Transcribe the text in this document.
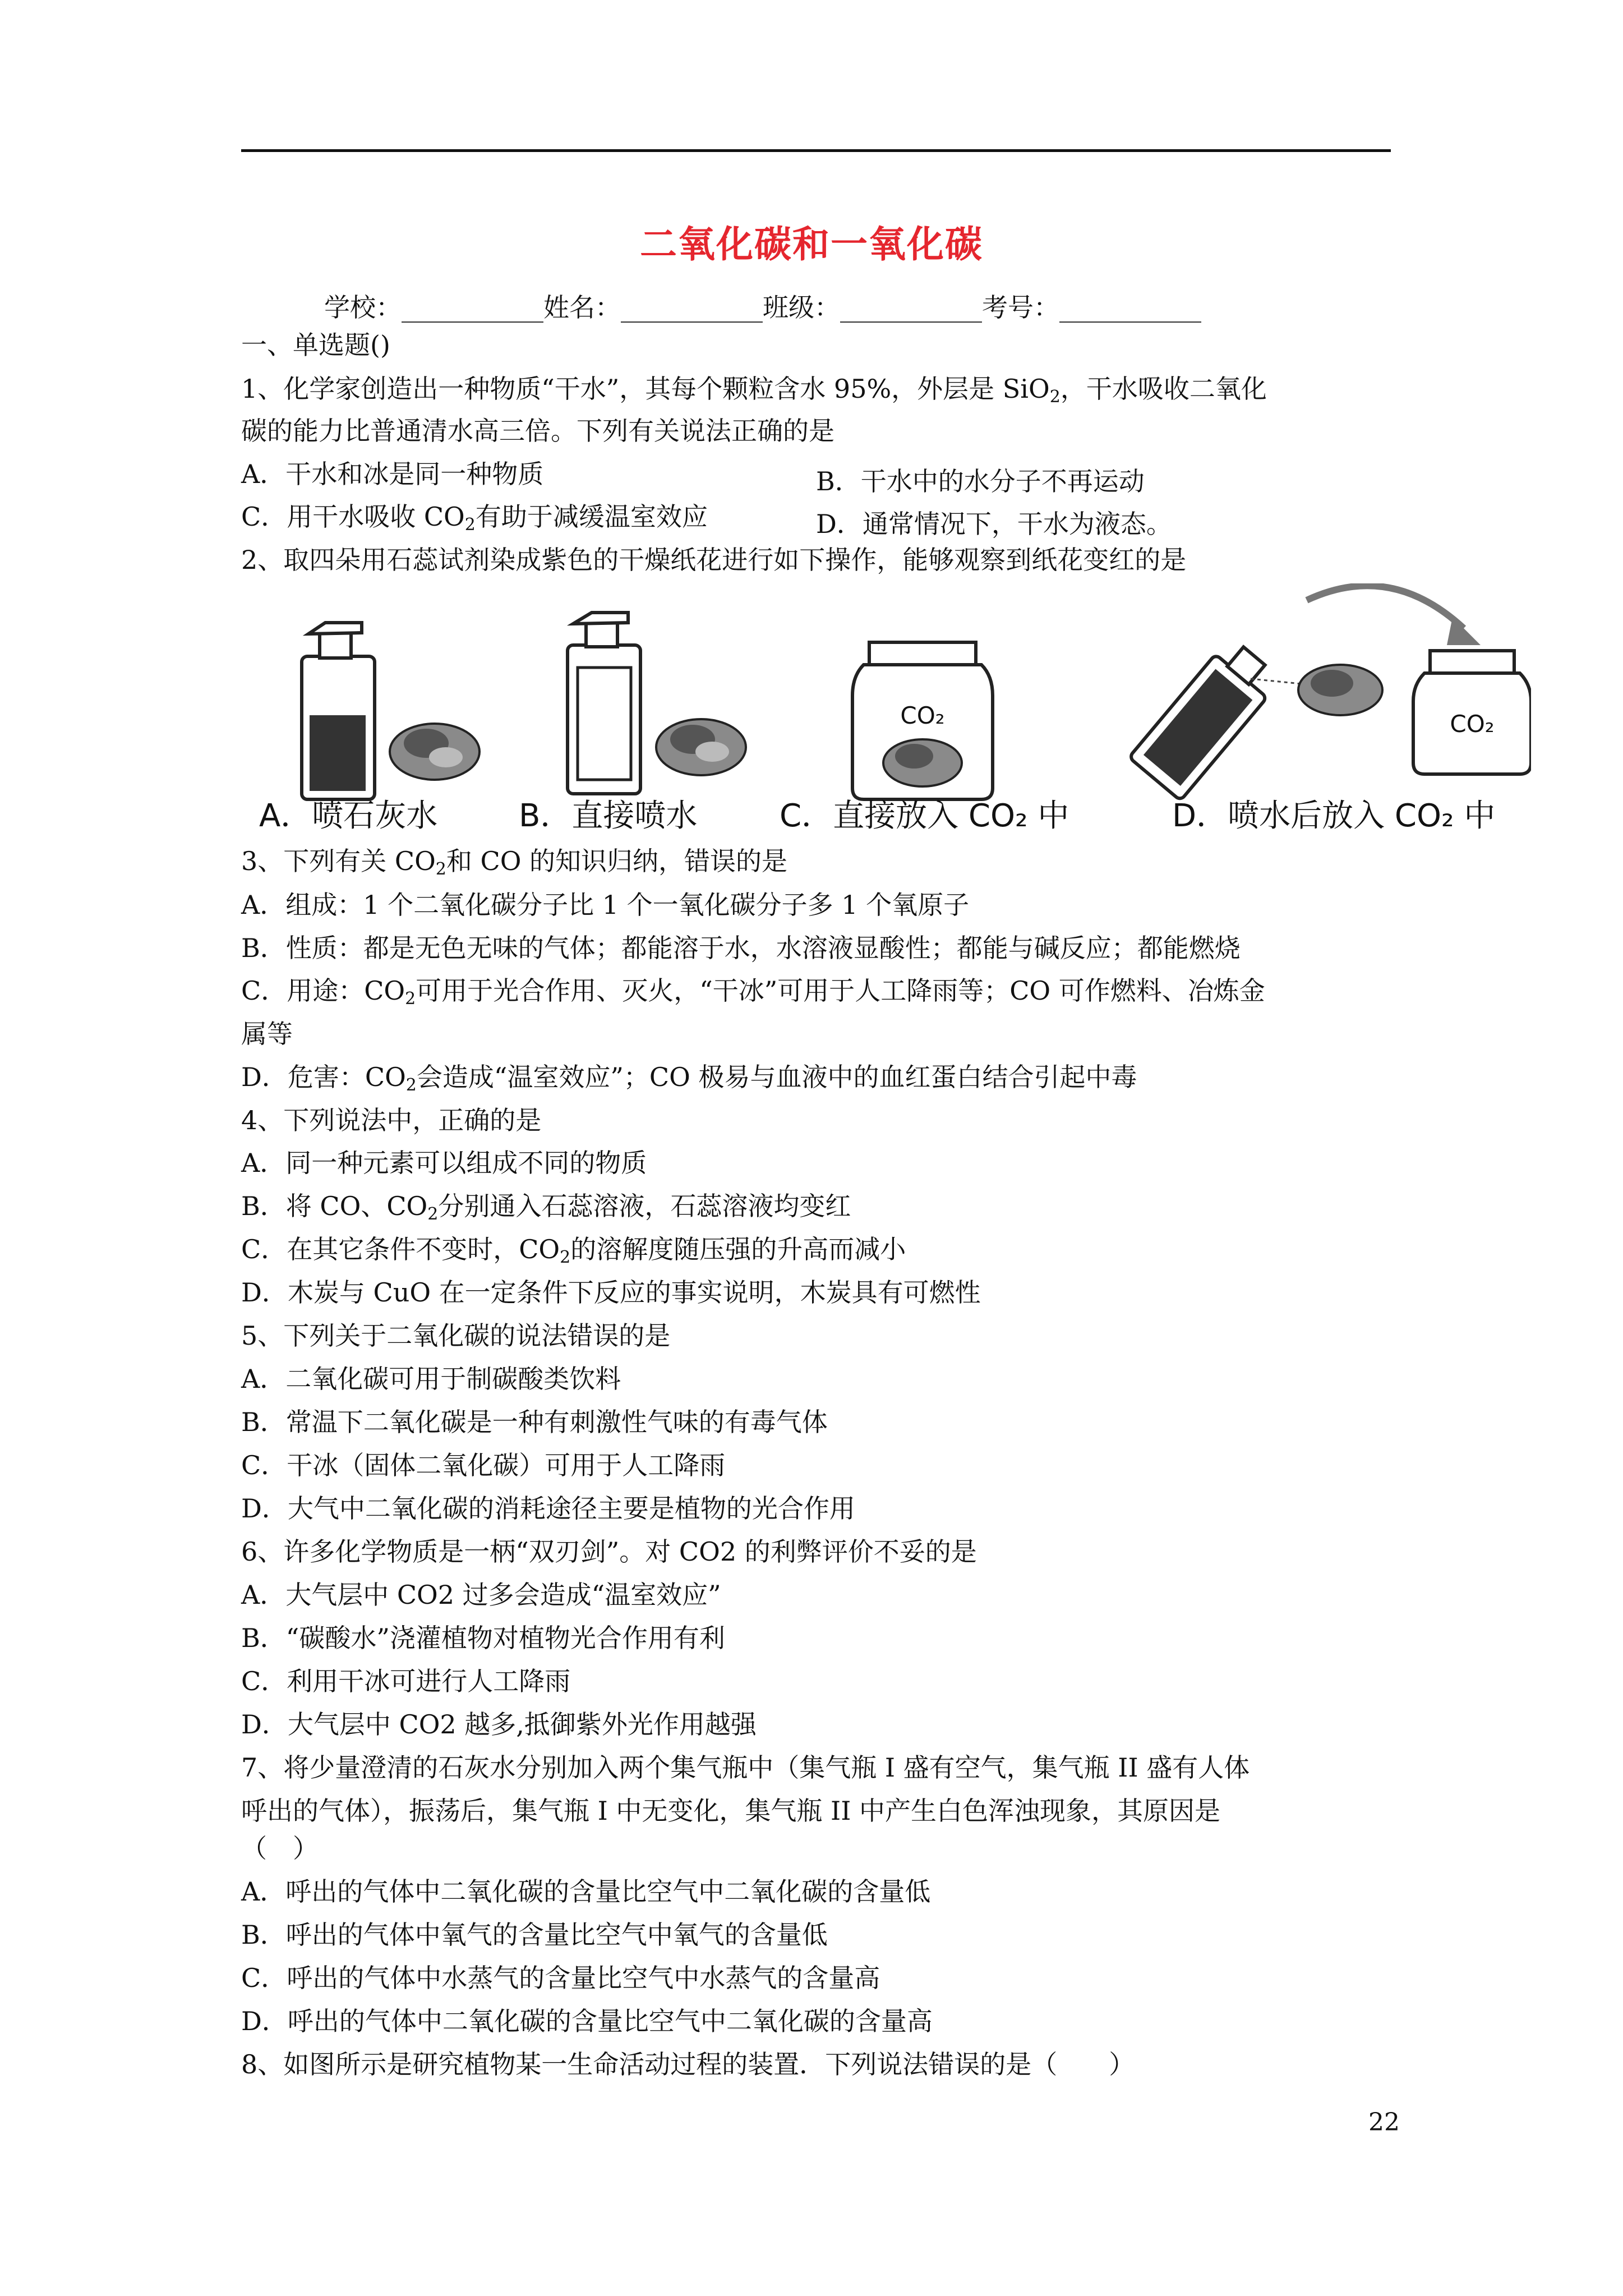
二氧化碳和一氧化碳
学校：___________姓名：___________班级：___________考号：___________
一、单选题()
1、化学家创造出一种物质“干水”，其每个颗粒含水 95%，外层是 SiO$_2$，干水吸收二氧化
碳的能力比普通清水高三倍。下列有关说法正确的是
A．干水和冰是同一种物质	B．干水中的水分子不再运动
C．用干水吸收 $CO_2$有助于减缓温室效应	D．通常情况下，干水为液态。
2、取四朵用石蕊试剂染成紫色的干燥纸花进行如下操作，能够观察到纸花变红的是
CO₂	CO₂
A．喷石灰水	B．直接喷水	C．直接放入 CO₂ 中	D．喷水后放入 CO₂ 中
3、下列有关 $CO_2$和 CO 的知识归纳，错误的是
A．组成：1 个二氧化碳分子比 1 个一氧化碳分子多 1 个氧原子
B．性质：都是无色无味的气体；都能溶于水，水溶液显酸性；都能与碱反应；都能燃烧
C．用途：$CO_2$可用于光合作用、灭火，“干冰”可用于人工降雨等；CO 可作燃料、冶炼金
属等
D．危害：$CO_2$会造成“温室效应”；CO 极易与血液中的血红蛋白结合引起中毒
4、下列说法中，正确的是
A．同一种元素可以组成不同的物质
B．将 CO、$CO_2$分别通入石蕊溶液，石蕊溶液均变红
C．在其它条件不变时，$CO_2$的溶解度随压强的升高而减小
D．木炭与 CuO 在一定条件下反应的事实说明，木炭具有可燃性
5、下列关于二氧化碳的说法错误的是
A．二氧化碳可用于制碳酸类饮料
B．常温下二氧化碳是一种有刺激性气味的有毒气体
C．干冰（固体二氧化碳）可用于人工降雨
D．大气中二氧化碳的消耗途径主要是植物的光合作用
6、许多化学物质是一柄“双刃剑”。对 CO2 的利弊评价不妥的是
A．大气层中 CO2 过多会造成“温室效应”
B．“碳酸水”浇灌植物对植物光合作用有利
C．利用干冰可进行人工降雨
D．大气层中 CO2 越多,抵御紫外光作用越强
7、将少量澄清的石灰水分别加入两个集气瓶中（集气瓶 I 盛有空气，集气瓶 II 盛有人体
呼出的气体），振荡后，集气瓶 I 中无变化，集气瓶 II 中产生白色浑浊现象，其原因是
（　）
A．呼出的气体中二氧化碳的含量比空气中二氧化碳的含量低
B．呼出的气体中氧气的含量比空气中氧气的含量低
C．呼出的气体中水蒸气的含量比空气中水蒸气的含量高
D．呼出的气体中二氧化碳的含量比空气中二氧化碳的含量高
8、如图所示是研究植物某一生命活动过程的装置．下列说法错误的是（　　）
22
